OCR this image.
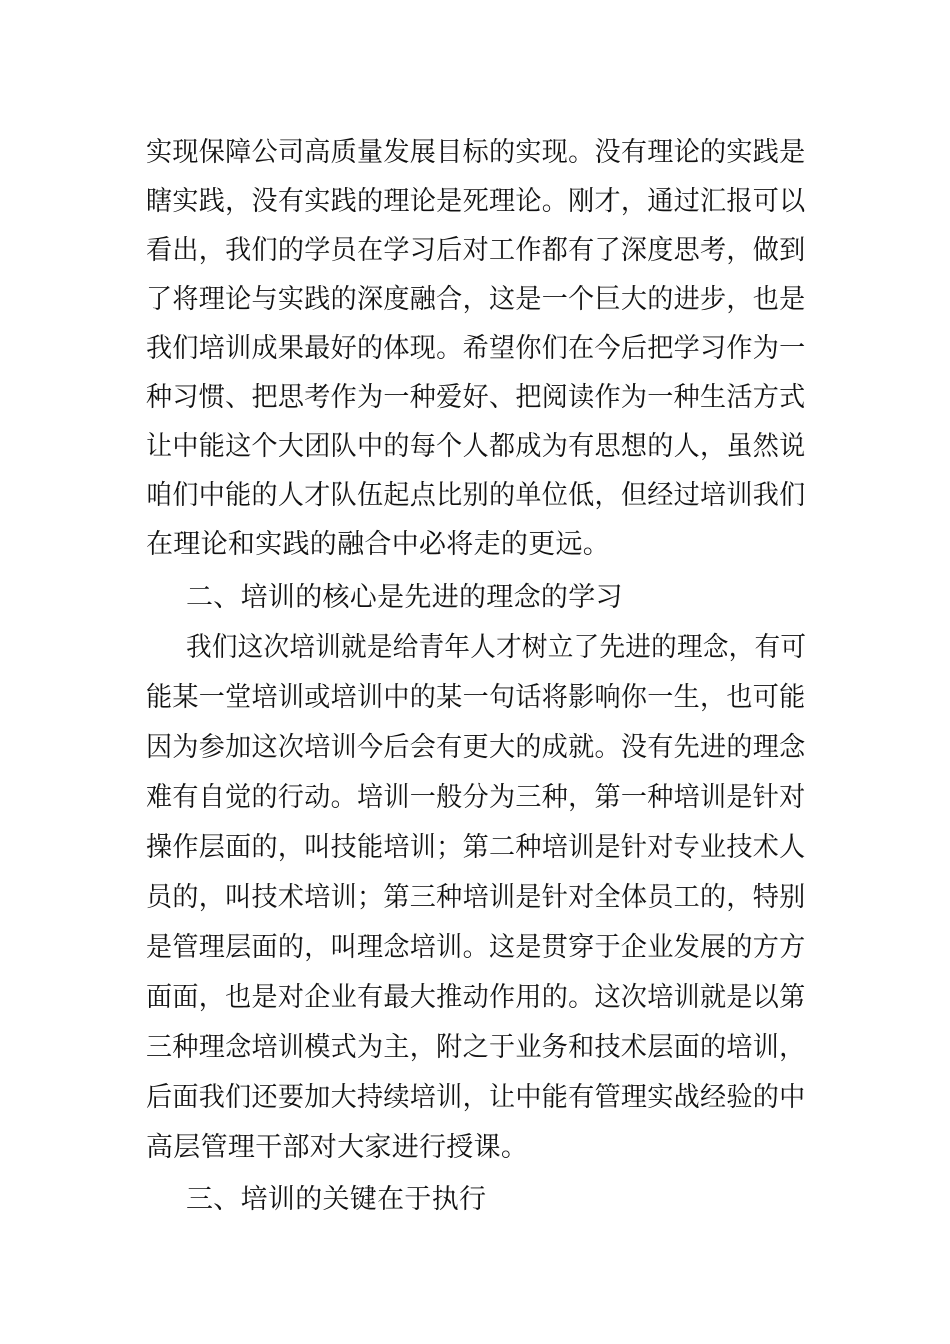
实现保障公司高质量发展目标的实现。没有理论的实践是
瞎实践，没有实践的理论是死理论。刚才，通过汇报可以
看出，我们的学员在学习后对工作都有了深度思考，做到
了将理论与实践的深度融合，这是一个巨大的进步，也是
我们培训成果最好的体现。希望你们在今后把学习作为一
种习惯、把思考作为一种爱好、把阅读作为一种生活方式
让中能这个大团队中的每个人都成为有思想的人，虽然说
咱们中能的人才队伍起点比别的单位低，但经过培训我们
在理论和实践的融合中必将走的更远。
二、培训的核心是先进的理念的学习
我们这次培训就是给青年人才树立了先进的理念，有可
能某一堂培训或培训中的某一句话将影响你一生，也可能
因为参加这次培训今后会有更大的成就。没有先进的理念
难有自觉的行动。培训一般分为三种，第一种培训是针对
操作层面的，叫技能培训；第二种培训是针对专业技术人
员的，叫技术培训；第三种培训是针对全体员工的，特别
是管理层面的，叫理念培训。这是贯穿于企业发展的方方
面面，也是对企业有最大推动作用的。这次培训就是以第
三种理念培训模式为主，附之于业务和技术层面的培训，
后面我们还要加大持续培训，让中能有管理实战经验的中
高层管理干部对大家进行授课。
三、培训的关键在于执行
